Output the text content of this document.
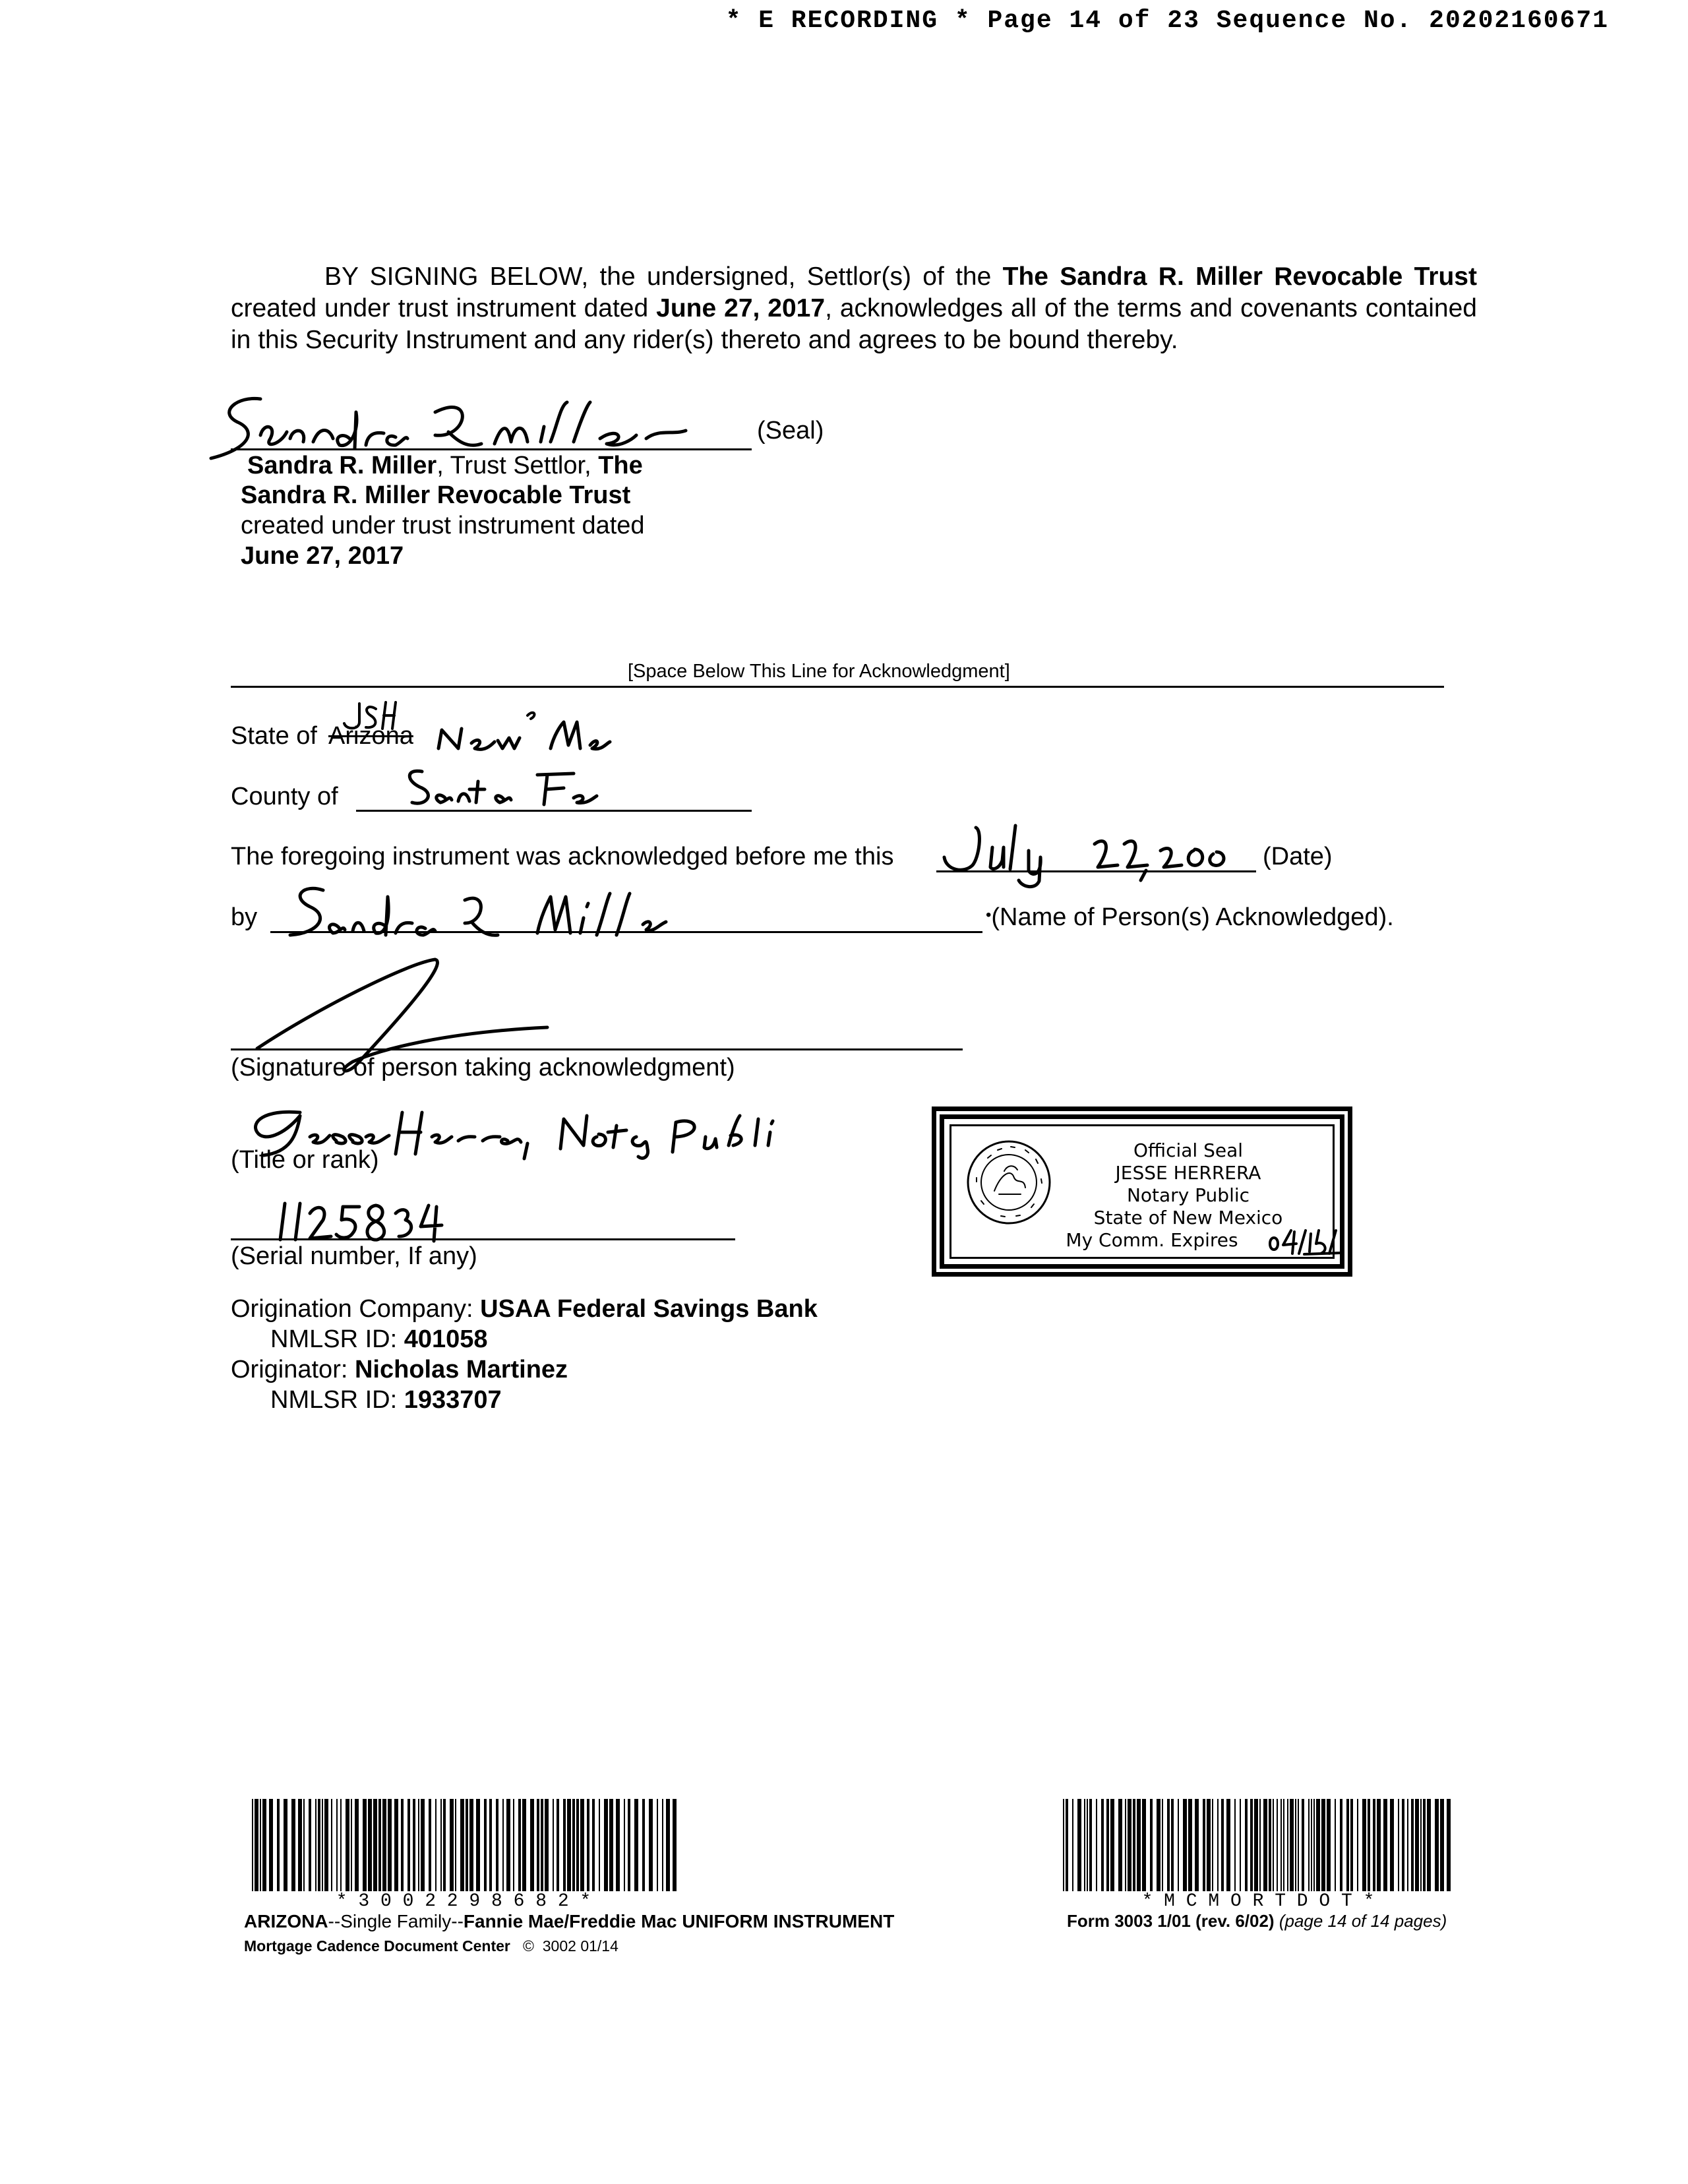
* E RECORDING * Page 14 of 23 Sequence No. 20202160671

BY SIGNING BELOW, the undersigned, Settlor(s) of the The Sandra R. Miller Revocable Trust created under trust instrument dated June 27, 2017, acknowledges all of the terms and covenants contained in this Security Instrument and any rider(s) thereto and agrees to be bound thereby.

(Seal)
Sandra R. Miller, Trust Settlor, The
Sandra R. Miller Revocable Trust
created under trust instrument dated
June 27, 2017
[Space Below This Line for Acknowledgment]
State of Arizona
County of
The foregoing instrument was acknowledged before me this	(Date)
by	•(Name of Person(s) Acknowledged).
(Signature of person taking acknowledgment)
(Title or rank)
(Serial number, If any)
Official Seal
JESSE HERRERA
Notary Public
State of New Mexico
My Comm. Expires
Origination Company: USAA Federal Savings Bank
NMLSR ID: 401058
Originator: Nicholas Martinez
NMLSR ID: 1933707
* 3 0 0 2 2 9 8 6 8 2 *	* M C M O R T D O T *
ARIZONA--Single Family--Fannie Mae/Freddie Mac UNIFORM INSTRUMENT
Mortgage Cadence Document Center © 3002 01/14
Form 3003 1/01 (rev. 6/02) (page 14 of 14 pages)
